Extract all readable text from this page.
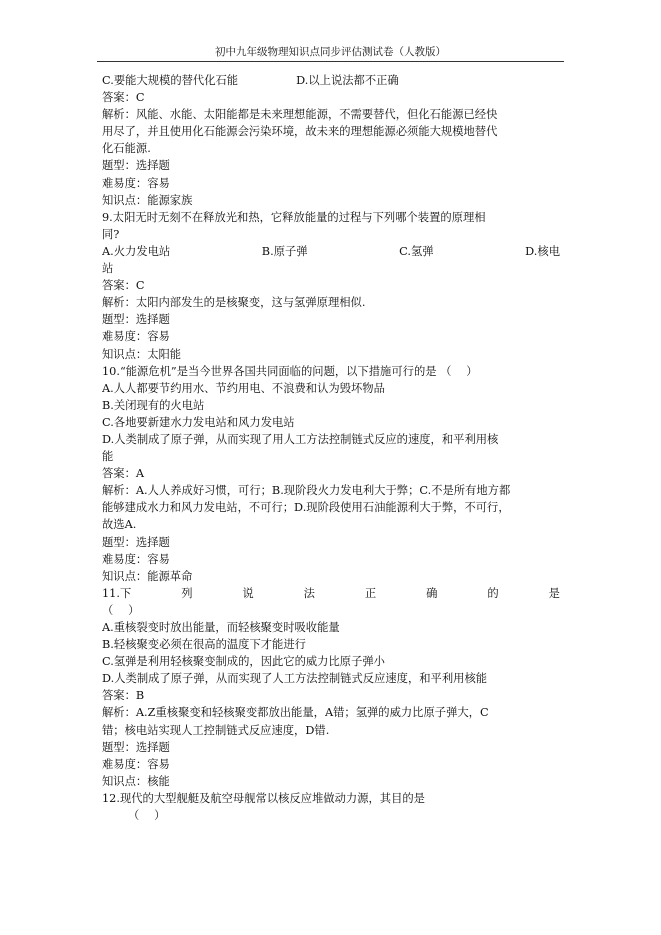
初中九年级物理知识点同步评估测试卷（人教版）
C.要能大规模的替代化石能	D.以上说法都不正确
答案：C
解析：风能、水能、太阳能都是未来理想能源，不需要替代，但化石能源已经快
用尽了，并且使用化石能源会污染环境，故未来的理想能源必须能大规模地替代
化石能源.
题型：选择题
难易度：容易
知识点：能源家族
9.太阳无时无刻不在释放光和热，它释放能量的过程与下列哪个装置的原理相
同?
A.火力发电站	B.原子弹	C.氢弹	D.核电
站
答案：C
解析：太阳内部发生的是核聚变，这与氢弹原理相似.
题型：选择题
难易度：容易
知识点：太阳能
10.“能源危机”是当今世界各国共同面临的问题，以下措施可行的是 （　 ）
A.人人都要节约用水、节约用电、不浪费和认为毁坏物品
B.关闭现有的火电站
C.各地要新建水力发电站和风力发电站
D.人类制成了原子弹，从而实现了用人工方法控制链式反应的速度，和平利用核
能
答案：A
解析：A.人人养成好习惯，可行；B.现阶段火力发电利大于弊；C.不是所有地方都
能够建成水力和风力发电站，不可行；D.现阶段使用石油能源利大于弊，不可行，
故选A.
题型：选择题
难易度：容易
知识点：能源革命
11.下	列	说	法	正	确	的	是
（　 ）
A.重核裂变时放出能量，而轻核聚变时吸收能量
B.轻核聚变必须在很高的温度下才能进行
C.氢弹是利用轻核聚变制成的，因此它的威力比原子弹小
D.人类制成了原子弹，从而实现了人工方法控制链式反应速度，和平利用核能
答案：B
解析：A.Z重核聚变和轻核聚变都放出能量，A错；氢弹的威力比原子弹大，C
错；核电站实现人工控制链式反应速度，D错.
题型：选择题
难易度：容易
知识点：核能
12.现代的大型舰艇及航空母舰常以核反应堆做动力源，其目的是
（　 ）
